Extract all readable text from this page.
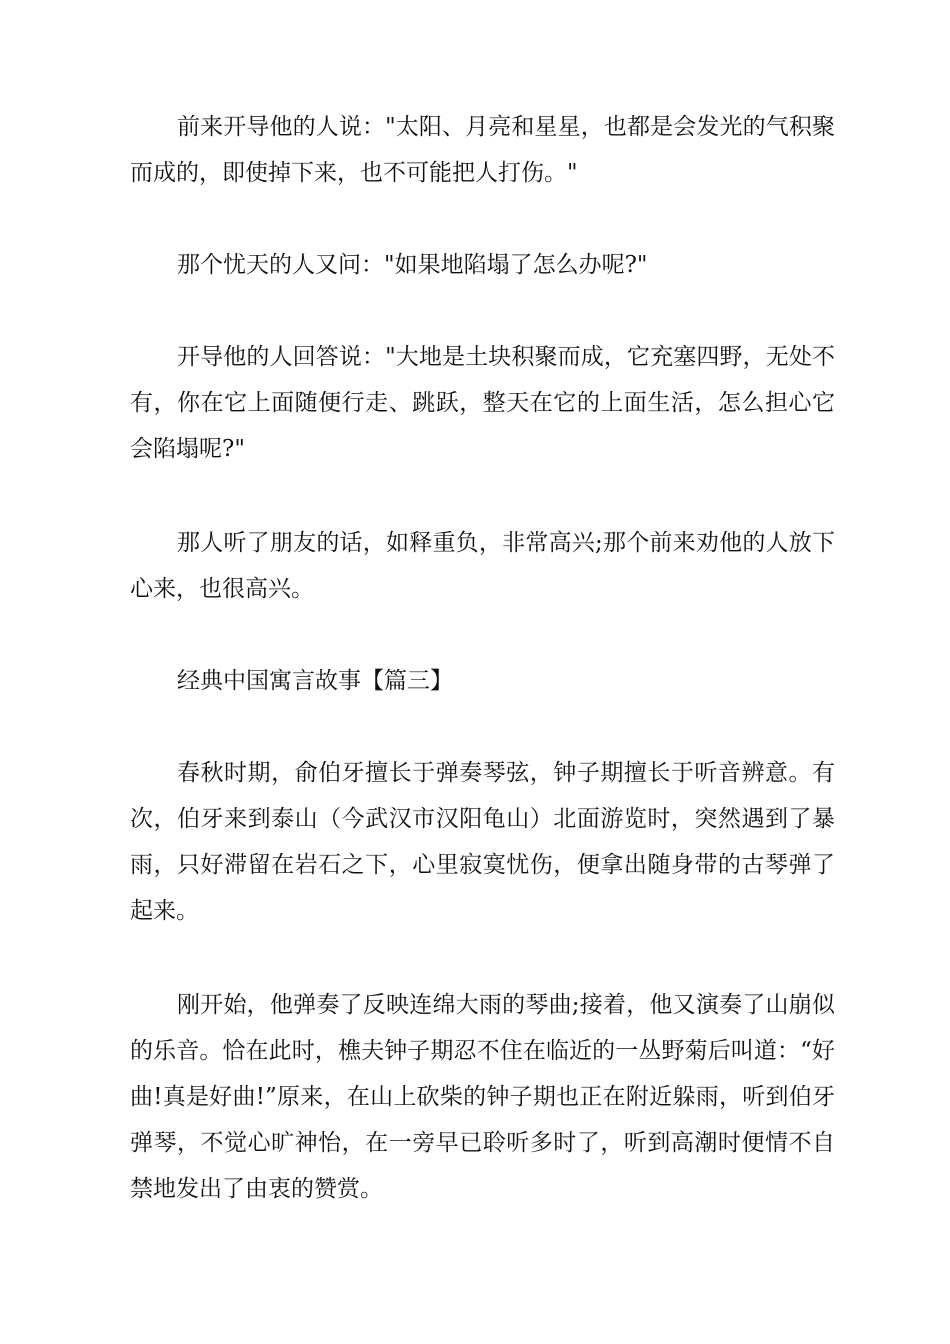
前来开导他的人说："太阳、月亮和星星，也都是会发光的气积聚而成的，即使掉下来，也不可能把人打伤。"

那个忧天的人又问："如果地陷塌了怎么办呢?"

开导他的人回答说："大地是土块积聚而成，它充塞四野，无处不有，你在它上面随便行走、跳跃，整天在它的上面生活，怎么担心它会陷塌呢?"

那人听了朋友的话，如释重负，非常高兴;那个前来劝他的人放下心来，也很高兴。

经典中国寓言故事【篇三】

春秋时期，俞伯牙擅长于弹奏琴弦，钟子期擅长于听音辨意。有次，伯牙来到泰山（今武汉市汉阳龟山）北面游览时，突然遇到了暴雨，只好滞留在岩石之下，心里寂寞忧伤，便拿出随身带的古琴弹了起来。

刚开始，他弹奏了反映连绵大雨的琴曲;接着，他又演奏了山崩似的乐音。恰在此时，樵夫钟子期忍不住在临近的一丛野菊后叫道：“好曲!真是好曲!”原来，在山上砍柴的钟子期也正在附近躲雨，听到伯牙弹琴，不觉心旷神怡，在一旁早已聆听多时了，听到高潮时便情不自禁地发出了由衷的赞赏。
